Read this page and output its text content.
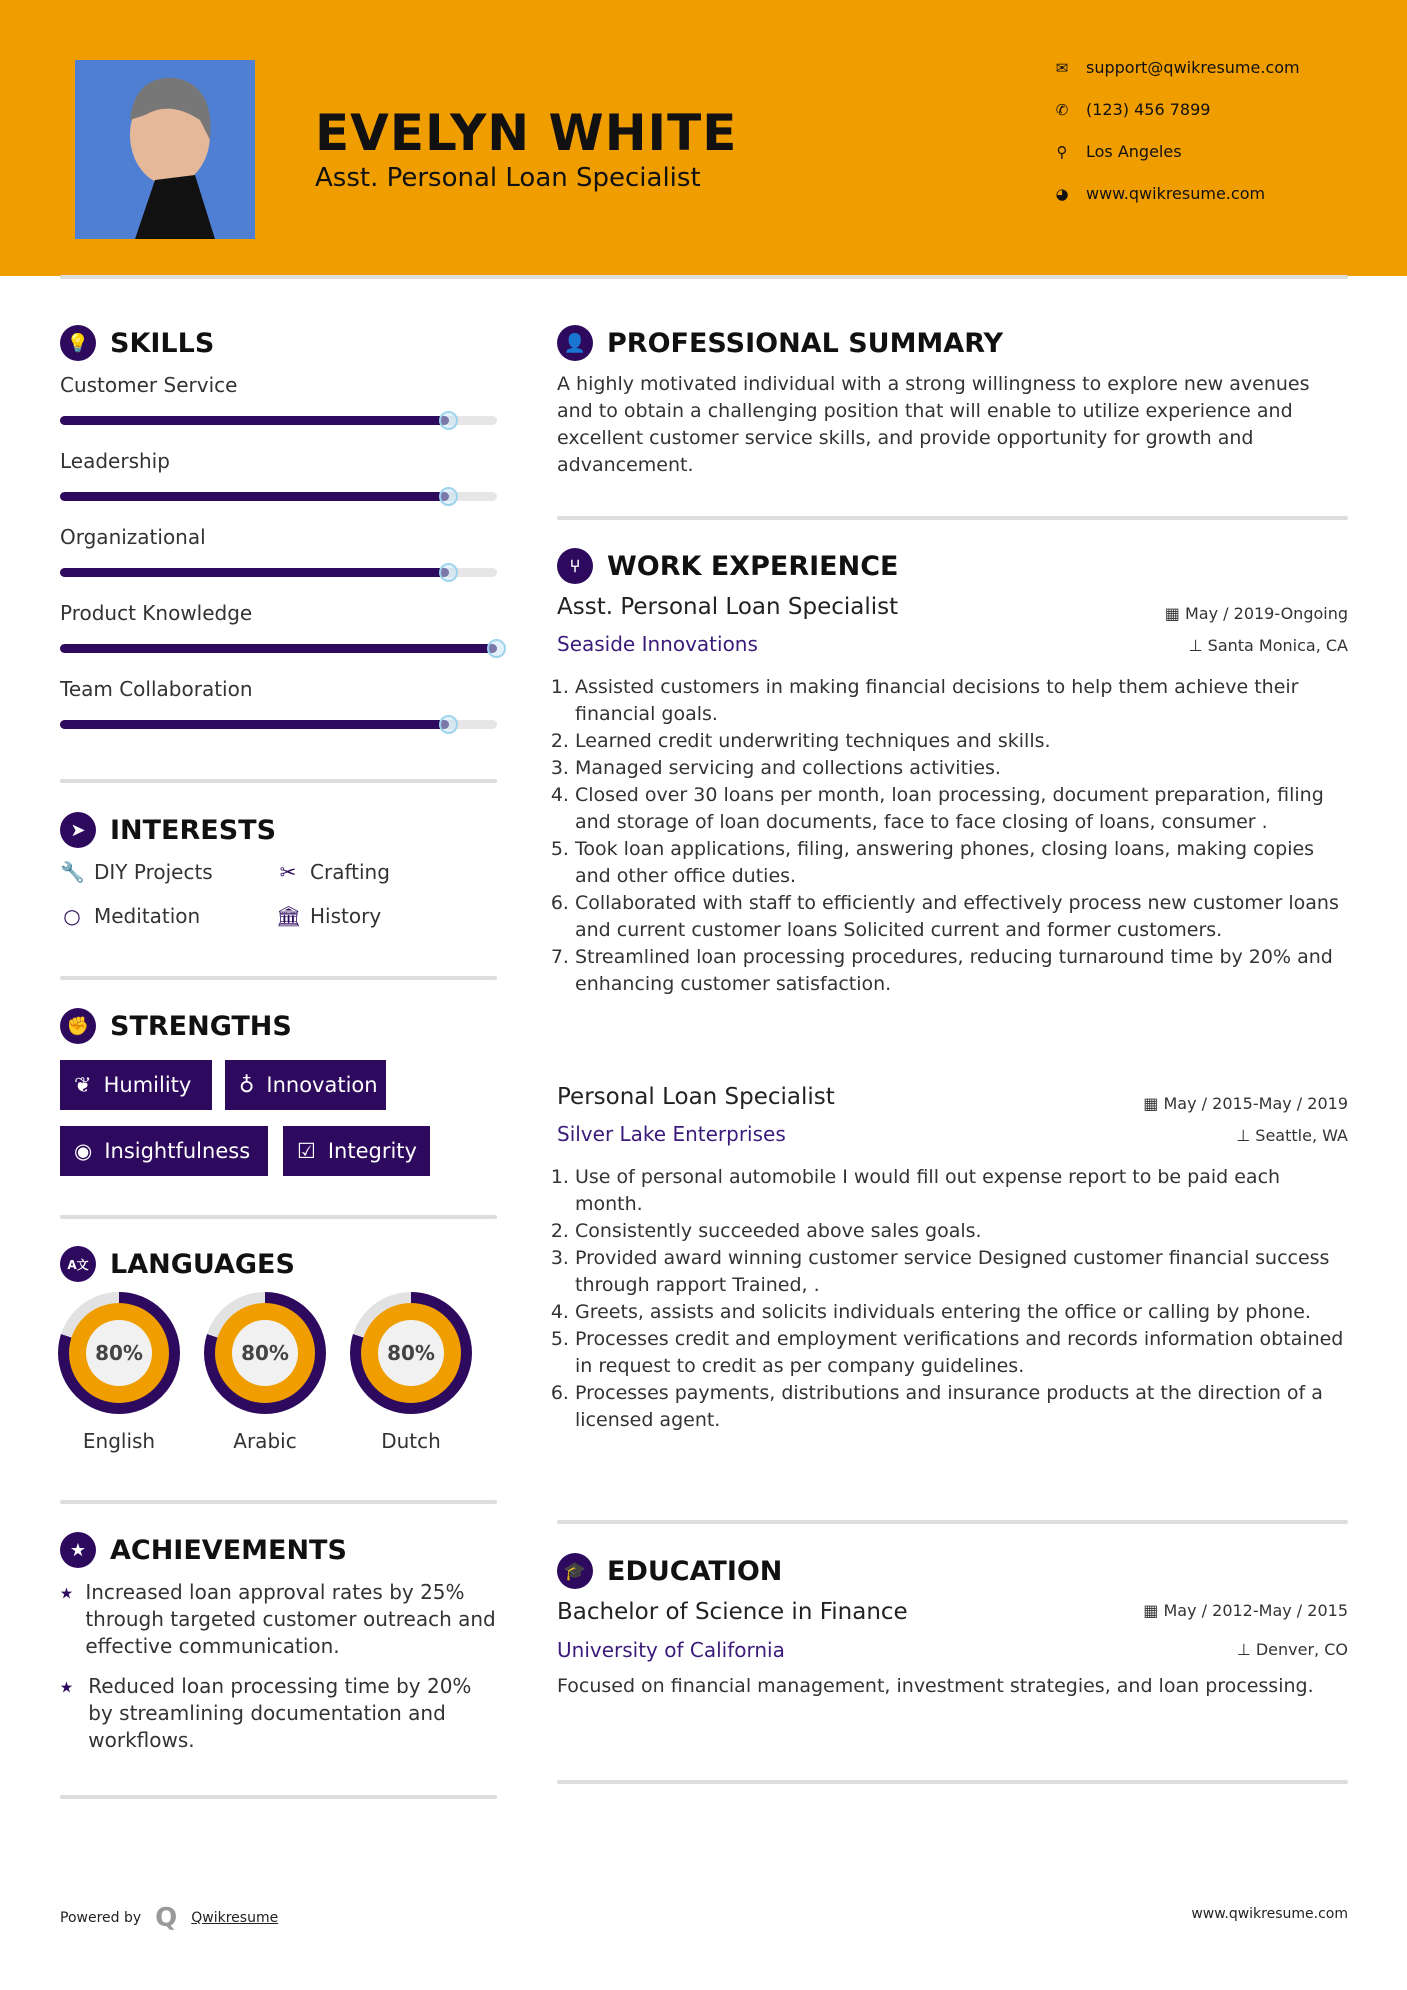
EVELYN WHITE
Asst. Personal Loan Specialist
✉ support@qwikresume.com
✆ (123) 456 7899
⚲ Los Angeles
◕ www.qwikresume.com
💡 SKILLS
Customer Service
Leadership
Organizational
Product Knowledge
Team Collaboration
➤ INTERESTS
🔧 DIY Projects	✂ Crafting
○ Meditation	🏛 History
✊ STRENGTHS
❦ Humility ♁ Innovation
◉ Insightfulness ☑ Integrity
A文 LANGUAGES
80%
English
80%
Arabic
80%
Dutch
★ ACHIEVEMENTS
⭑ Increased loan approval rates by 25% through targeted customer outreach and effective communication.
⭑ Reduced loan processing time by 20% by streamlining documentation and workflows.
👤 PROFESSIONAL SUMMARY
A highly motivated individual with a strong willingness to explore new avenues and to obtain a challenging position that will enable to utilize experience and excellent customer service skills, and provide opportunity for growth and advancement.
⑂ WORK EXPERIENCE
Asst. Personal Loan Specialist	▦ May / 2019-Ongoing
Seaside Innovations	⊥ Santa Monica, CA
1. Assisted customers in making financial decisions to help them achieve their financial goals.
2. Learned credit underwriting techniques and skills.
3. Managed servicing and collections activities.
4. Closed over 30 loans per month, loan processing, document preparation, filing and storage of loan documents, face to face closing of loans, consumer .
5. Took loan applications, filing, answering phones, closing loans, making copies and other office duties.
6. Collaborated with staff to efficiently and effectively process new customer loans and current customer loans Solicited current and former customers.
7. Streamlined loan processing procedures, reducing turnaround time by 20% and enhancing customer satisfaction.
Personal Loan Specialist	▦ May / 2015-May / 2019
Silver Lake Enterprises	⊥ Seattle, WA
1. Use of personal automobile I would fill out expense report to be paid each month.
2. Consistently succeeded above sales goals.
3. Provided award winning customer service Designed customer financial success through rapport Trained, .
4. Greets, assists and solicits individuals entering the office or calling by phone.
5. Processes credit and employment verifications and records information obtained in request to credit as per company guidelines.
6. Processes payments, distributions and insurance products at the direction of a licensed agent.
🎓 EDUCATION
Bachelor of Science in Finance	▦ May / 2012-May / 2015
University of California	⊥ Denver, CO
Focused on financial management, investment strategies, and loan processing.
Powered by Q Qwikresume	www.qwikresume.com
